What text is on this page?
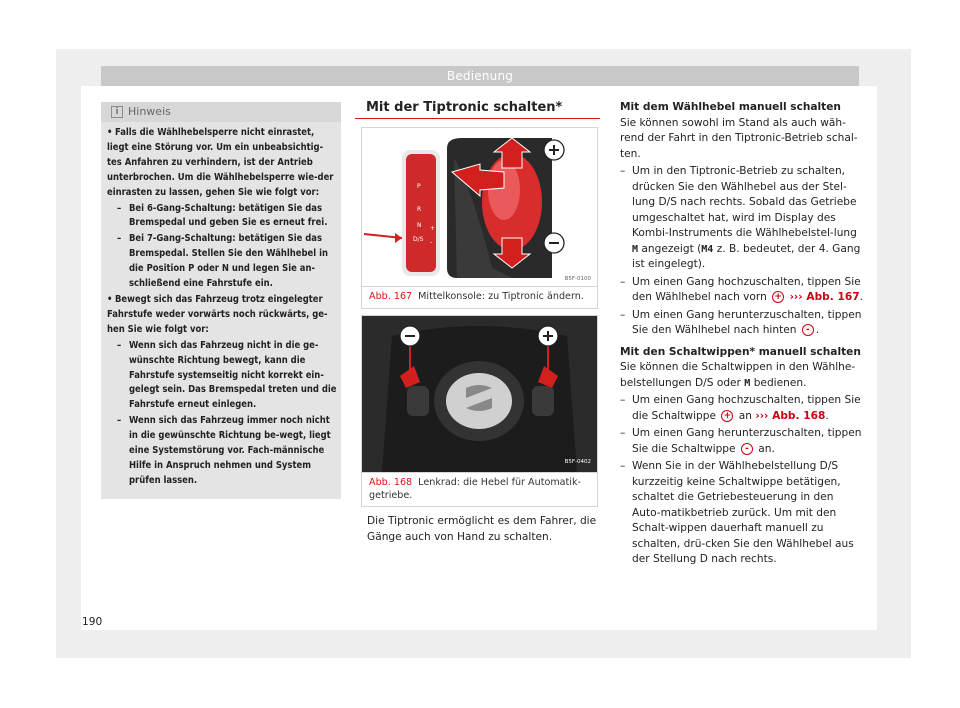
Bedienung
i Hinweis
• Falls die Wählhebelsperre nicht einrastet, liegt eine Störung vor. Um ein unbeabsichtig-tes Anfahren zu verhindern, ist der Antrieb unterbrochen. Um die Wählhebelsperre wie-der einrasten zu lassen, gehen Sie wie folgt vor:
– Bei 6-Gang-Schaltung: betätigen Sie das Bremspedal und geben Sie es erneut frei.
– Bei 7-Gang-Schaltung: betätigen Sie das Bremspedal. Stellen Sie den Wählhebel in die Position P oder N und legen Sie an-schließend eine Fahrstufe ein.
• Bewegt sich das Fahrzeug trotz eingelegter Fahrstufe weder vorwärts noch rückwärts, ge-hen Sie wie folgt vor:
– Wenn sich das Fahrzeug nicht in die ge-wünschte Richtung bewegt, kann die Fahrstufe systemseitig nicht korrekt ein-gelegt sein. Das Bremspedal treten und die Fahrstufe erneut einlegen.
– Wenn sich das Fahrzeug immer noch nicht in die gewünschte Richtung be-wegt, liegt eine Systemstörung vor. Fach-männische Hilfe in Anspruch nehmen und System prüfen lassen.
Mit der Tiptronic schalten*
P
R
N
D/S
+
-
B5F-0100
Abb. 167 Mittelkonsole: zu Tiptronic ändern.
B5F-0402
Abb. 168 Lenkrad: die Hebel für Automatik-getriebe.
Die Tiptronic ermöglicht es dem Fahrer, die Gänge auch von Hand zu schalten.

Mit dem Wählhebel manuell schalten

Sie können sowohl im Stand als auch wäh-rend der Fahrt in den Tiptronic-Betrieb schal-ten.

– Um in den Tiptronic-Betrieb zu schalten, drücken Sie den Wählhebel aus der Stel-lung D/S nach rechts. Sobald das Getriebe umgeschaltet hat, wird im Display des Kombi-Instruments die Wählhebelstel-lung M angezeigt (M4 z. B. bedeutet, der 4. Gang ist eingelegt).
– Um einen Gang hochzuschalten, tippen Sie den Wählhebel nach vorn + ››› Abb. 167.
– Um einen Gang herunterzuschalten, tippen Sie den Wählhebel nach hinten - .

Mit den Schaltwippen* manuell schalten

Sie können die Schaltwippen in den Wählhe-belstellungen D/S oder M bedienen.

– Um einen Gang hochzuschalten, tippen Sie die Schaltwippe + an ››› Abb. 168.
– Um einen Gang herunterzuschalten, tippen Sie die Schaltwippe - an.
– Wenn Sie in der Wählhebelstellung D/S kurzzeitig keine Schaltwippe betätigen, schaltet die Getriebesteuerung in den Auto-matikbetrieb zurück. Um mit den Schalt-wippen dauerhaft manuell zu schalten, drü-cken Sie den Wählhebel aus der Stellung D nach rechts.
190
